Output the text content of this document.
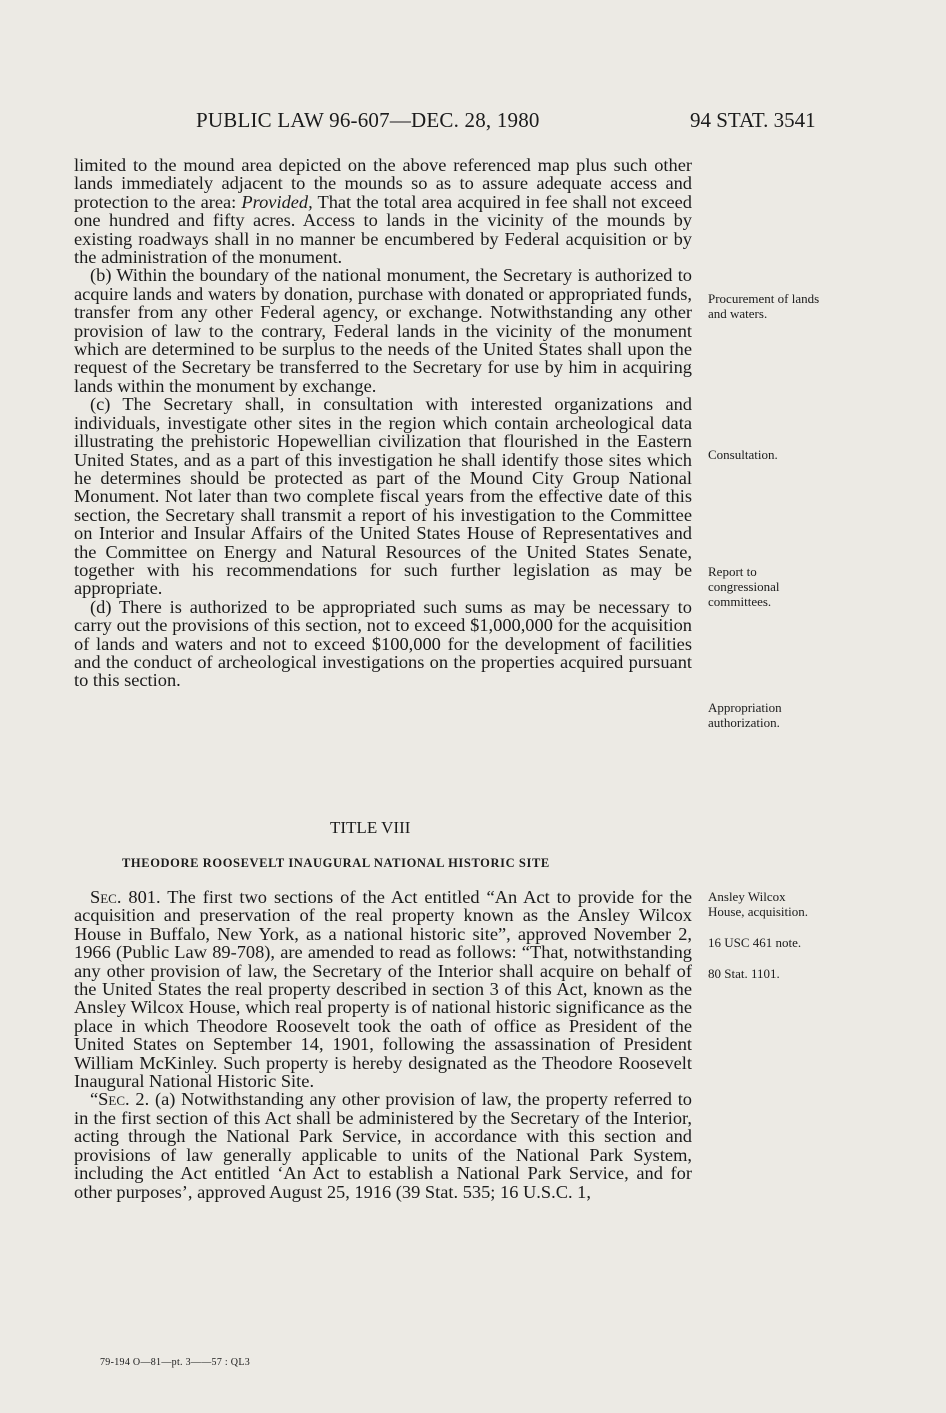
PUBLIC LAW 96-607—DEC. 28, 1980	94 STAT. 3541

limited to the mound area depicted on the above referenced map plus such other lands immediately adjacent to the mounds so as to assure adequate access and protection to the area: Provided, That the total area acquired in fee shall not exceed one hundred and fifty acres. Access to lands in the vicinity of the mounds by existing roadways shall in no manner be encumbered by Federal acquisition or by the administration of the monument.

(b) Within the boundary of the national monument, the Secretary is authorized to acquire lands and waters by donation, purchase with donated or appropriated funds, transfer from any other Federal agency, or exchange. Notwithstanding any other provision of law to the contrary, Federal lands in the vicinity of the monument which are determined to be surplus to the needs of the United States shall upon the request of the Secretary be transferred to the Secretary for use by him in acquiring lands within the monument by exchange.

(c) The Secretary shall, in consultation with interested organizations and individuals, investigate other sites in the region which contain archeological data illustrating the prehistoric Hopewellian civilization that flourished in the Eastern United States, and as a part of this investigation he shall identify those sites which he determines should be protected as part of the Mound City Group National Monument. Not later than two complete fiscal years from the effective date of this section, the Secretary shall transmit a report of his investigation to the Committee on Interior and Insular Affairs of the United States House of Representatives and the Committee on Energy and Natural Resources of the United States Senate, together with his recommendations for such further legislation as may be appropriate.

(d) There is authorized to be appropriated such sums as may be necessary to carry out the provisions of this section, not to exceed $1,000,000 for the acquisition of lands and waters and not to exceed $100,000 for the development of facilities and the conduct of archeological investigations on the properties acquired pursuant to this section.

TITLE VIII
THEODORE ROOSEVELT INAUGURAL NATIONAL HISTORIC SITE

Sec. 801. The first two sections of the Act entitled “An Act to provide for the acquisition and preservation of the real property known as the Ansley Wilcox House in Buffalo, New York, as a national historic site”, approved November 2, 1966 (Public Law 89-708), are amended to read as follows: “That, notwithstanding any other provision of law, the Secretary of the Interior shall acquire on behalf of the United States the real property described in section 3 of this Act, known as the Ansley Wilcox House, which real property is of national historic significance as the place in which Theodore Roosevelt took the oath of office as President of the United States on September 14, 1901, following the assassination of President William McKinley. Such property is hereby designated as the Theodore Roosevelt Inaugural National Historic Site.

“Sec. 2. (a) Notwithstanding any other provision of law, the property referred to in the first section of this Act shall be administered by the Secretary of the Interior, acting through the National Park Service, in accordance with this section and provisions of law generally applicable to units of the National Park System, including the Act entitled ‘An Act to establish a National Park Service, and for other purposes’, approved August 25, 1916 (39 Stat. 535; 16 U.S.C. 1,

Procurement of lands and waters.
Consultation.
Report to congressional committees.
Appropriation authorization.
Ansley Wilcox House, acquisition.
16 USC 461 note.
80 Stat. 1101.
79-194 O—81—pt. 3——57 : QL3
